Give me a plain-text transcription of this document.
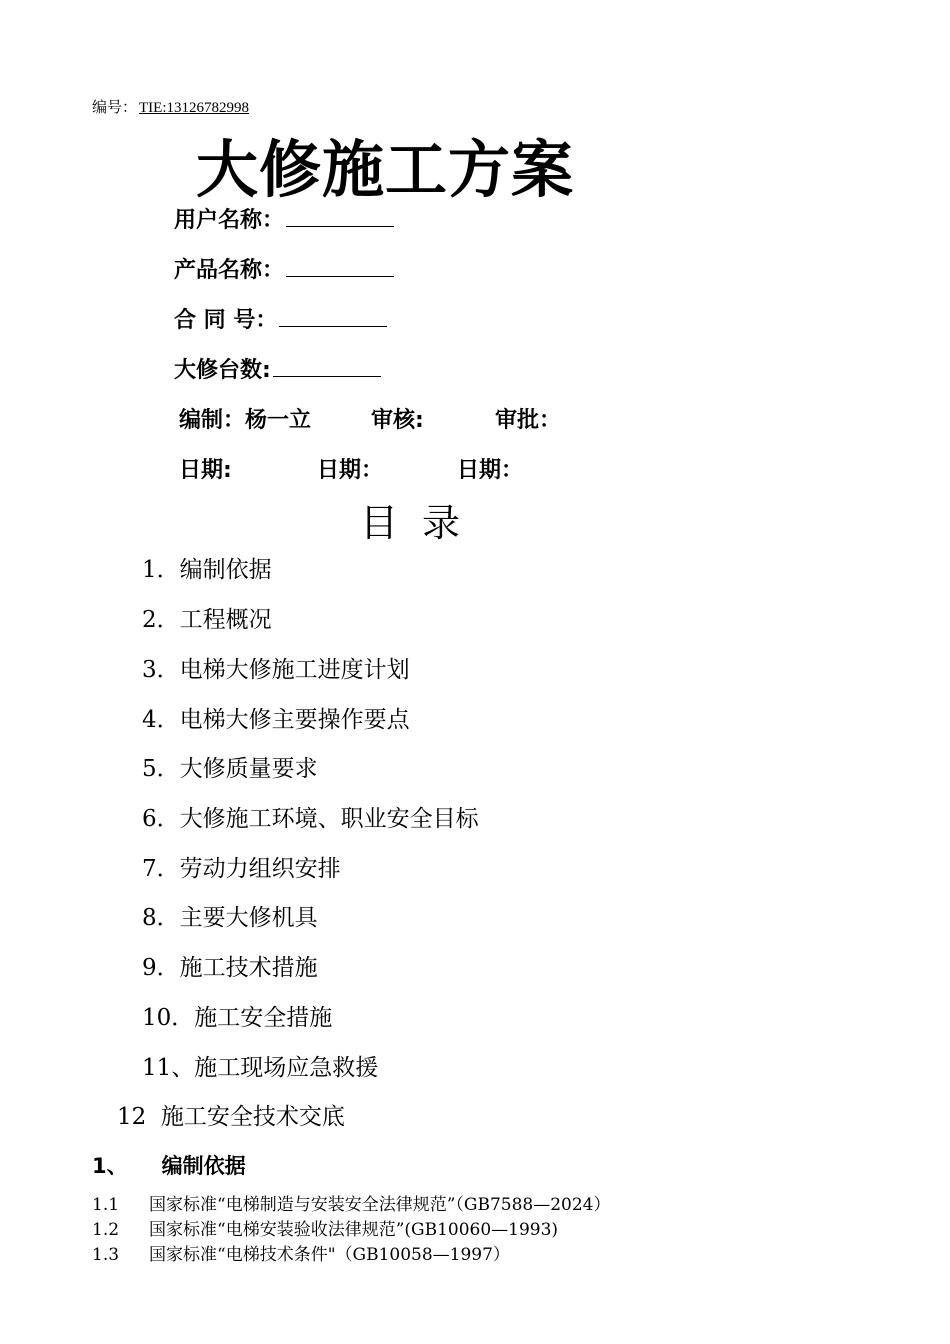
编号： TIE:13126782998
大修施工方案
用户名称：
产品名称：
合 同 号：
大修台数:
编制：杨一立	审核:	审批：
日期:	日期：	日期：
目录
1．编制依据
2．工程概况
3．电梯大修施工进度计划
4．电梯大修主要操作要点
5．大修质量要求
6．大修施工环境、职业安全目标
7．劳动力组织安排
8．主要大修机具
9．施工技术措施
10．施工安全措施
11、施工现场应急救援
12  施工安全技术交底
1、 编制依据
1.1 国家标准“电梯制造与安装安全法律规范”（GB7588—2024）
1.2 国家标准“电梯安装验收法律规范”(GB10060—1993)
1.3 国家标准“电梯技术条件"（GB10058—1997）
